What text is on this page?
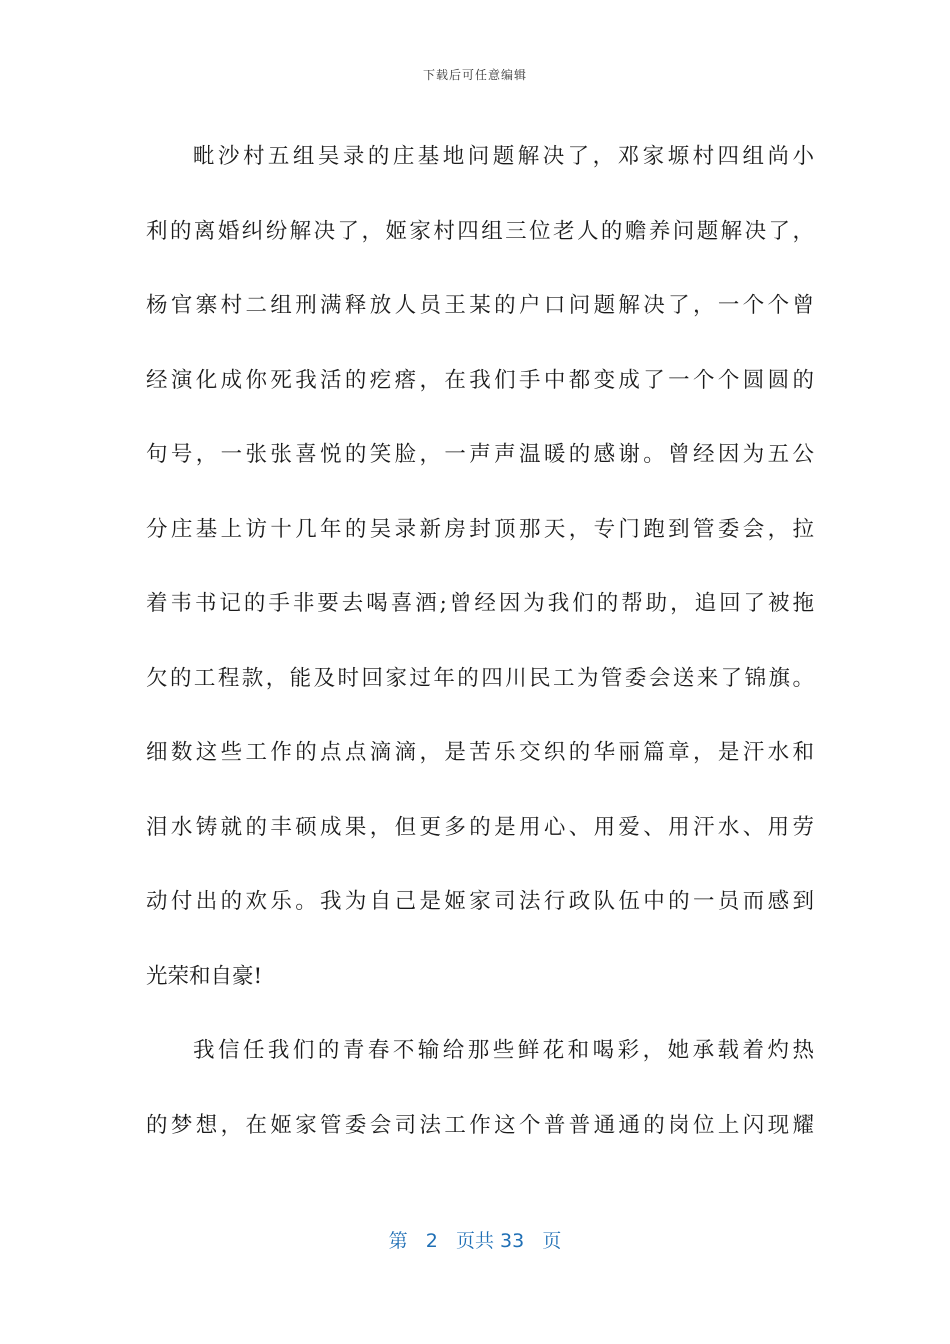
下载后可任意编辑
毗沙村五组吴录的庄基地问题解决了，邓家塬村四组尚小
利的离婚纠纷解决了，姬家村四组三位老人的赡养问题解决了，
杨官寨村二组刑满释放人员王某的户口问题解决了，一个个曾
经演化成你死我活的疙瘩，在我们手中都变成了一个个圆圆的
句号，一张张喜悦的笑脸，一声声温暖的感谢。曾经因为五公
分庄基上访十几年的吴录新房封顶那天，专门跑到管委会，拉
着韦书记的手非要去喝喜酒;曾经因为我们的帮助，追回了被拖
欠的工程款，能及时回家过年的四川民工为管委会送来了锦旗。
细数这些工作的点点滴滴，是苦乐交织的华丽篇章，是汗水和
泪水铸就的丰硕成果，但更多的是用心、用爱、用汗水、用劳
动付出的欢乐。我为自己是姬家司法行政队伍中的一员而感到
光荣和自豪!
我信任我们的青春不输给那些鲜花和喝彩，她承载着灼热
的梦想，在姬家管委会司法工作这个普普通通的岗位上闪现耀
第 2 页共 33 页
